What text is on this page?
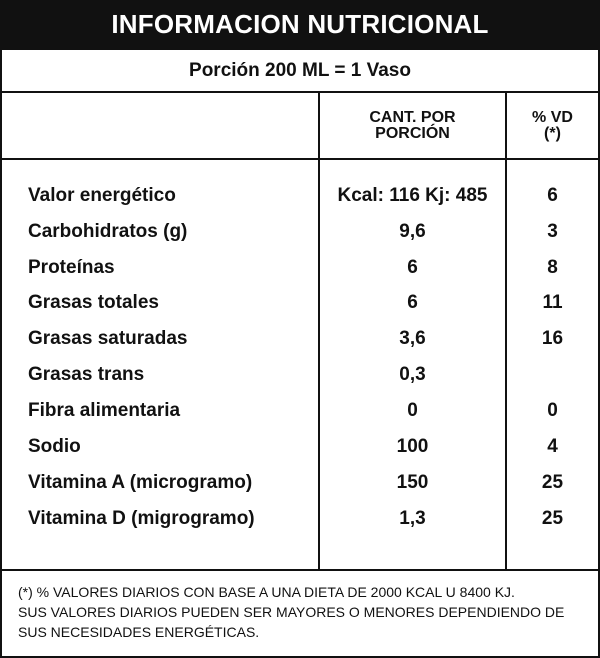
INFORMACION NUTRICIONAL
Porción 200 ML = 1 Vaso
CANT. POR
PORCIÓN
% VD
(*)
Valor energético	Kcal: 116 Kj: 485	6
Carbohidratos (g)	9,6	3
Proteínas	6	8
Grasas totales	6	11
Grasas saturadas	3,6	16
Grasas trans	0,3
Fibra alimentaria	0	0
Sodio	100	4
Vitamina A (microgramo)	150	25
Vitamina D (migrogramo)	1,3	25
(*) % VALORES DIARIOS CON BASE A UNA DIETA DE 2000 KCAL U 8400 KJ.
SUS VALORES DIARIOS PUEDEN SER MAYORES O MENORES DEPENDIENDO DE
SUS NECESIDADES ENERGÉTICAS.
